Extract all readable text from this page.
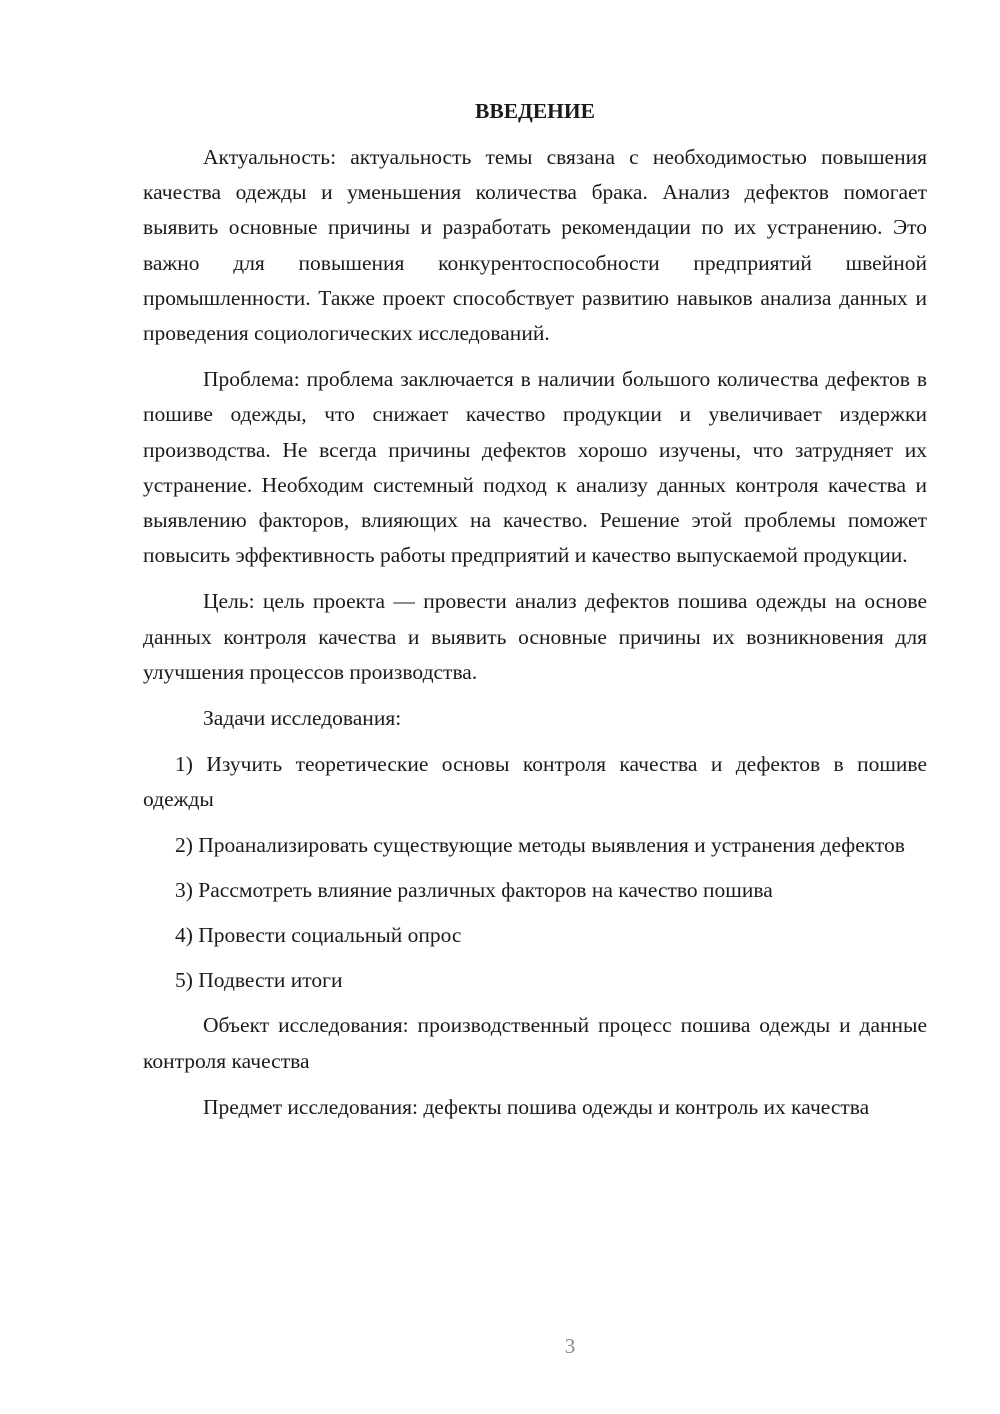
ВВЕДЕНИЕ

Актуальность: актуальность темы связана с необходимостью повышения качества одежды и уменьшения количества брака. Анализ дефектов помогает выявить основные причины и разработать рекомендации по их устранению. Это важно для повышения конкурентоспособности предприятий швейной промышленности. Также проект способствует развитию навыков анализа данных и проведения социологических исследований.

Проблема: проблема заключается в наличии большого количества дефектов в пошиве одежды, что снижает качество продукции и увеличивает издержки производства. Не всегда причины дефектов хорошо изучены, что затрудняет их устранение. Необходим системный подход к анализу данных контроля качества и выявлению факторов, влияющих на качество. Решение этой проблемы поможет повысить эффективность работы предприятий и качество выпускаемой продукции.

Цель: цель проекта — провести анализ дефектов пошива одежды на основе данных контроля качества и выявить основные причины их возникновения для улучшения процессов производства.

Задачи исследования:

1) Изучить теоретические основы контроля качества и дефектов в пошиве одежды

2) Проанализировать существующие методы выявления и устранения дефектов

3) Рассмотреть влияние различных факторов на качество пошива

4) Провести социальный опрос

5) Подвести итоги

Объект исследования: производственный процесс пошива одежды и данные контроля качества

Предмет исследования: дефекты пошива одежды и контроль их качества

3
